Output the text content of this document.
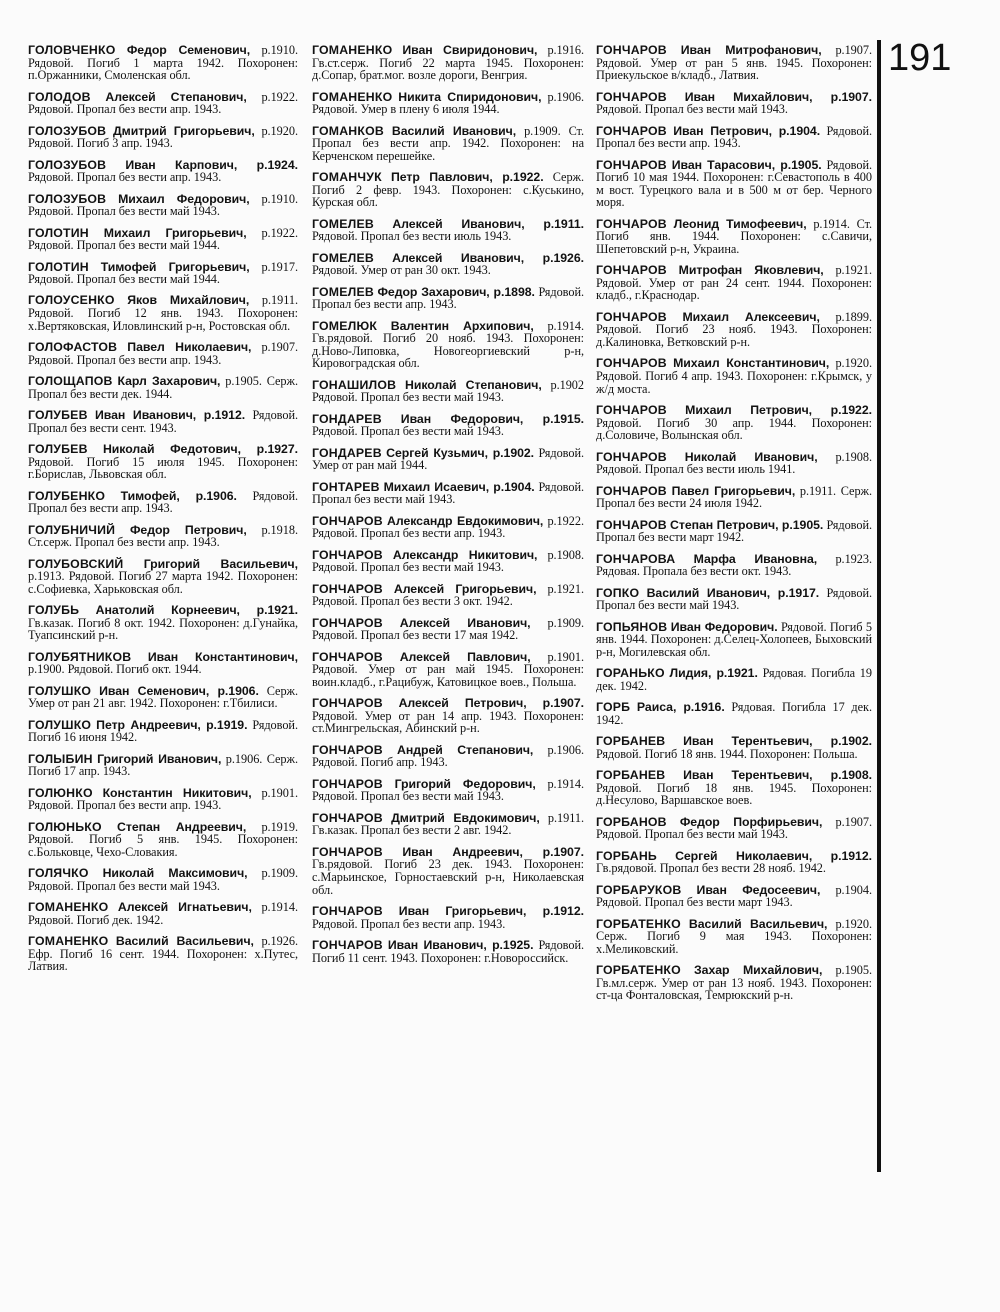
ГОЛОВЧЕНКО Федор Семенович, р.1910. Рядовой. Погиб 1 марта 1942. Похоронен: п.Оржанники, Смоленская обл.
ГОЛОДОВ Алексей Степанович, р.1922. Рядовой. Пропал без вести апр. 1943.
ГОЛОЗУБОВ Дмитрий Григорьевич, р.1920. Рядовой. Погиб 3 апр. 1943.
ГОЛОЗУБОВ Иван Карпович, р.1924. Рядовой. Пропал без вести апр. 1943.
ГОЛОЗУБОВ Михаил Федорович, р.1910. Рядовой. Пропал без вести май 1943.
ГОЛОТИН Михаил Григорьевич, р.1922. Рядовой. Пропал без вести май 1944.
ГОЛОТИН Тимофей Григорьевич, р.1917. Рядовой. Пропал без вести май 1944.
ГОЛОУСЕНКО Яков Михайлович, р.1911. Рядовой. Погиб 12 янв. 1943. Похоронен: х.Вертяковская, Иловлинский р-н, Ростовская обл.
ГОЛОФАСТОВ Павел Николаевич, р.1907. Рядовой. Пропал без вести апр. 1943.
ГОЛОЩАПОВ Карл Захарович, р.1905. Серж. Пропал без вести дек. 1944.
ГОЛУБЕВ Иван Иванович, р.1912. Рядовой. Пропал без вести сент. 1943.
ГОЛУБЕВ Николай Федотович, р.1927. Рядовой. Погиб 15 июля 1945. Похоронен: г.Борислав, Львовская обл.
ГОЛУБЕНКО Тимофей, р.1906. Рядовой. Пропал без вести апр. 1943.
ГОЛУБНИЧИЙ Федор Петрович, р.1918. Ст.серж. Пропал без вести апр. 1943.
ГОЛУБОВСКИЙ Григорий Васильевич, р.1913. Рядовой. Погиб 27 марта 1942. Похоронен: с.Софиевка, Харьковская обл.
ГОЛУБЬ Анатолий Корнеевич, р.1921. Гв.казак. Погиб 8 окт. 1942. Похоронен: д.Гунайка, Туапсинский р-н.
ГОЛУБЯТНИКОВ Иван Константинович, р.1900. Рядовой. Погиб окт. 1944.
ГОЛУШКО Иван Семенович, р.1906. Серж. Умер от ран 21 авг. 1942. Похоронен: г.Тбилиси.
ГОЛУШКО Петр Андреевич, р.1919. Рядовой. Погиб 16 июня 1942.
ГОЛЫБИН Григорий Иванович, р.1906. Серж. Погиб 17 апр. 1943.
ГОЛЮНКО Константин Никитович, р.1901. Рядовой. Пропал без вести апр. 1943.
ГОЛЮНЬКО Степан Андреевич, р.1919. Рядовой. Погиб 5 янв. 1945. Похоронен: с.Больковце, Чехо-Словакия.
ГОЛЯЧКО Николай Максимович, р.1909. Рядовой. Пропал без вести май 1943.
ГОМАНЕНКО Алексей Игнатьевич, р.1914. Рядовой. Погиб дек. 1942.
ГОМАНЕНКО Василий Васильевич, р.1926. Ефр. Погиб 16 сент. 1944. Похоронен: х.Путес, Латвия.
ГОМАНЕНКО Иван Свиридонович, р.1916. Гв.ст.серж. Погиб 22 марта 1945. Похоронен: д.Сопар, брат.мог. возле дороги, Венгрия.
ГОМАНЕНКО Никита Спиридонович, р.1906. Рядовой. Умер в плену 6 июля 1944.
ГОМАНКОВ Василий Иванович, р.1909. Ст. Пропал без вести апр. 1942. Похоронен: на Керченском перешейке.
ГОМАНЧУК Петр Павлович, р.1922. Серж. Погиб 2 февр. 1943. Похоронен: с.Куськино, Курская обл.
ГОМЕЛЕВ Алексей Иванович, р.1911. Рядовой. Пропал без вести июль 1943.
ГОМЕЛЕВ Алексей Иванович, р.1926. Рядовой. Умер от ран 30 окт. 1943.
ГОМЕЛЕВ Федор Захарович, р.1898. Рядовой. Пропал без вести апр. 1943.
ГОМЕЛЮК Валентин Архипович, р.1914. Гв.рядовой. Погиб 20 нояб. 1943. Похоронен: д.Ново-Липовка, Новогеоргиевский р-н, Кировоградская обл.
ГОНАШИЛОВ Николай Степанович, р.1902 Рядовой. Пропал без вести май 1943.
ГОНДАРЕВ Иван Федорович, р.1915. Рядовой. Пропал без вести май 1943.
ГОНДАРЕВ Сергей Кузьмич, р.1902. Рядовой. Умер от ран май 1944.
ГОНТАРЕВ Михаил Исаевич, р.1904. Рядовой. Пропал без вести май 1943.
ГОНЧАРОВ Александр Евдокимович, р.1922. Рядовой. Пропал без вести апр. 1943.
ГОНЧАРОВ Александр Никитович, р.1908. Рядовой. Пропал без вести май 1943.
ГОНЧАРОВ Алексей Григорьевич, р.1921. Рядовой. Пропал без вести 3 окт. 1942.
ГОНЧАРОВ Алексей Иванович, р.1909. Рядовой. Пропал без вести 17 мая 1942.
ГОНЧАРОВ Алексей Павлович, р.1901. Рядовой. Умер от ран май 1945. Похоронен: воин.кладб., г.Рацибуж, Катовицкое воев., Польша.
ГОНЧАРОВ Алексей Петрович, р.1907. Рядовой. Умер от ран 14 апр. 1943. Похоронен: ст.Мингрельская, Абинский р-н.
ГОНЧАРОВ Андрей Степанович, р.1906. Рядовой. Погиб апр. 1943.
ГОНЧАРОВ Григорий Федорович, р.1914. Рядовой. Пропал без вести май 1943.
ГОНЧАРОВ Дмитрий Евдокимович, р.1911. Гв.казак. Пропал без вести 2 авг. 1942.
ГОНЧАРОВ Иван Андреевич, р.1907. Гв.рядовой. Погиб 23 дек. 1943. Похоронен: с.Марьинское, Горностаевский р-н, Николаевская обл.
ГОНЧАРОВ Иван Григорьевич, р.1912. Рядовой. Пропал без вести апр. 1943.
ГОНЧАРОВ Иван Иванович, р.1925. Рядовой. Погиб 11 сент. 1943. Похоронен: г.Новороссийск.
ГОНЧАРОВ Иван Митрофанович, р.1907. Рядовой. Умер от ран 5 янв. 1945. Похоронен: Приекульское в/кладб., Латвия.
ГОНЧАРОВ Иван Михайлович, р.1907. Рядовой. Пропал без вести май 1943.
ГОНЧАРОВ Иван Петрович, р.1904. Рядовой. Пропал без вести апр. 1943.
ГОНЧАРОВ Иван Тарасович, р.1905. Рядовой. Погиб 10 мая 1944. Похоронен: г.Севастополь в 400 м вост. Турецкого вала и в 500 м от бер. Черного моря.
ГОНЧАРОВ Леонид Тимофеевич, р.1914. Ст. Погиб янв. 1944. Похоронен: с.Савичи, Шепетовский р-н, Украина.
ГОНЧАРОВ Митрофан Яковлевич, р.1921. Рядовой. Умер от ран 24 сент. 1944. Похоронен: кладб., г.Краснодар.
ГОНЧАРОВ Михаил Алексеевич, р.1899. Рядовой. Погиб 23 нояб. 1943. Похоронен: д.Калиновка, Ветковский р-н.
ГОНЧАРОВ Михаил Константинович, р.1920. Рядовой. Погиб 4 апр. 1943. Похоронен: г.Крымск, у ж/д моста.
ГОНЧАРОВ Михаил Петрович, р.1922. Рядовой. Погиб 30 апр. 1944. Похоронен: д.Соловиче, Волынская обл.
ГОНЧАРОВ Николай Иванович, р.1908. Рядовой. Пропал без вести июль 1941.
ГОНЧАРОВ Павел Григорьевич, р.1911. Серж. Пропал без вести 24 июля 1942.
ГОНЧАРОВ Степан Петрович, р.1905. Рядовой. Пропал без вести март 1942.
ГОНЧАРОВА Марфа Ивановна, р.1923. Рядовая. Пропала без вести окт. 1943.
ГОПКО Василий Иванович, р.1917. Рядовой. Пропал без вести май 1943.
ГОПЬЯНОВ Иван Федорович. Рядовой. Погиб 5 янв. 1944. Похоронен: д.Селец-Холопеев, Быховский р-н, Могилевская обл.
ГОРАНЬКО Лидия, р.1921. Рядовая. Погибла 19 дек. 1942.
ГОРБ Раиса, р.1916. Рядовая. Погибла 17 дек. 1942.
ГОРБАНЕВ Иван Терентьевич, р.1902. Рядовой. Погиб 18 янв. 1944. Похоронен: Польша.
ГОРБАНЕВ Иван Терентьевич, р.1908. Рядовой. Погиб 18 янв. 1945. Похоронен: д.Несулово, Варшавское воев.
ГОРБАНОВ Федор Порфирьевич, р.1907. Рядовой. Пропал без вести май 1943.
ГОРБАНЬ Сергей Николаевич, р.1912. Гв.рядовой. Пропал без вести 28 нояб. 1942.
ГОРБАРУКОВ Иван Федосеевич, р.1904. Рядовой. Пропал без вести март 1943.
ГОРБАТЕНКО Василий Васильевич, р.1920. Серж. Погиб 9 мая 1943. Похоронен: х.Меликовский.
ГОРБАТЕНКО Захар Михайлович, р.1905. Гв.мл.серж. Умер от ран 13 нояб. 1943. Похоронен: ст-ца Фонталовская, Темрюкский р-н.
191
